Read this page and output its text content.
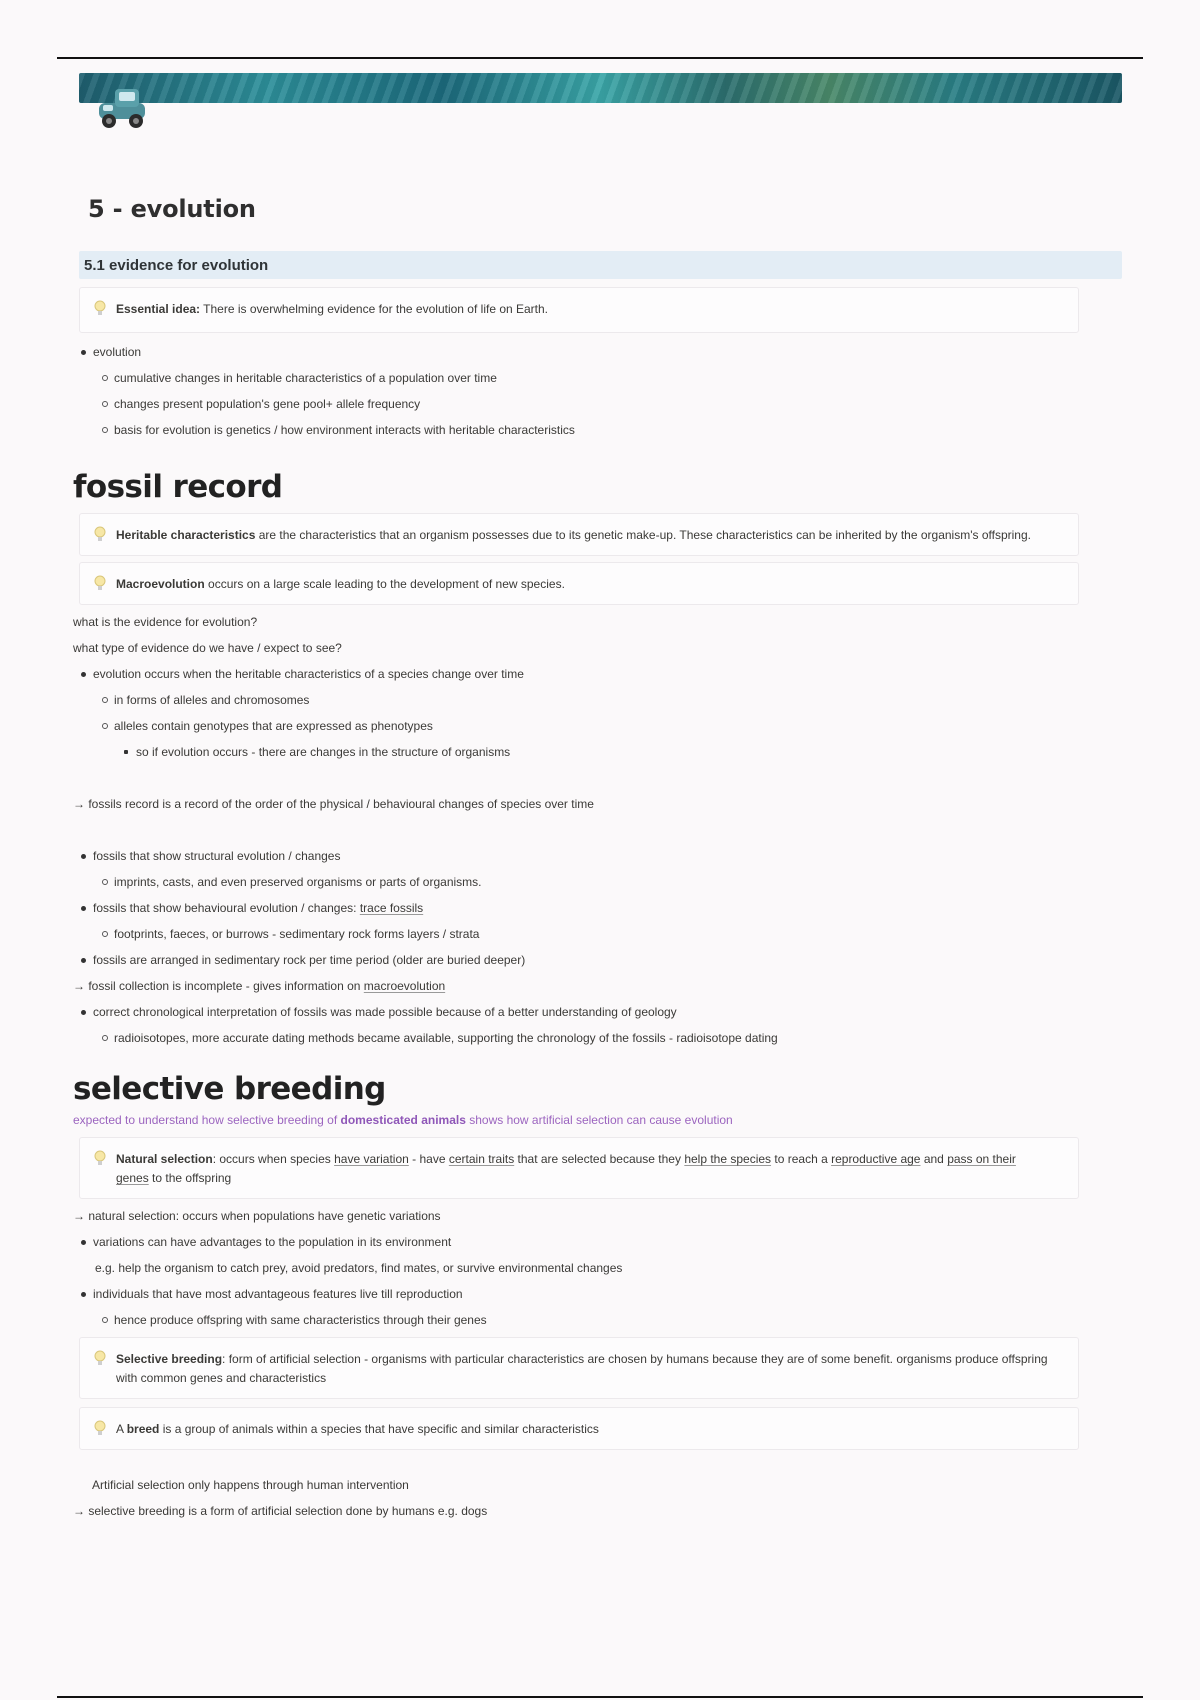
5 - evolution
5.1 evidence for evolution
Essential idea: There is overwhelming evidence for the evolution of life on Earth.
evolution
cumulative changes in heritable characteristics of a population over time
changes present population's gene pool+ allele frequency
basis for evolution is genetics / how environment interacts with heritable characteristics
fossil record
Heritable characteristics are the characteristics that an organism possesses due to its genetic make-up. These characteristics can be inherited by the organism's offspring.
Macroevolution occurs on a large scale leading to the development of new species.
what is the evidence for evolution?
what type of evidence do we have / expect to see?
evolution occurs when the heritable characteristics of a species change over time
in forms of alleles and chromosomes
alleles contain genotypes that are expressed as phenotypes
so if evolution occurs - there are changes in the structure of organisms
→ fossils record is a record of the order of the physical / behavioural changes of species over time
fossils that show structural evolution / changes
imprints, casts, and even preserved organisms or parts of organisms.
fossils that show behavioural evolution / changes: trace fossils
footprints, faeces, or burrows - sedimentary rock forms layers / strata
fossils are arranged in sedimentary rock per time period (older are buried deeper)
→ fossil collection is incomplete - gives information on macroevolution
correct chronological interpretation of fossils was made possible because of a better understanding of geology
radioisotopes, more accurate dating methods became available, supporting the chronology of the fossils - radioisotope dating
selective breeding
expected to understand how selective breeding of domesticated animals shows how artificial selection can cause evolution
Natural selection: occurs when species have variation - have certain traits that are selected because they help the species to reach a reproductive age and pass on their genes to the offspring
→ natural selection: occurs when populations have genetic variations
variations can have advantages to the population in its environment
e.g. help the organism to catch prey, avoid predators, find mates, or survive environmental changes
individuals that have most advantageous features live till reproduction
hence produce offspring with same characteristics through their genes
Selective breeding: form of artificial selection - organisms with particular characteristics are chosen by humans because they are of some benefit. organisms produce offspring with common genes and characteristics
A breed is a group of animals within a species that have specific and similar characteristics
Artificial selection only happens through human intervention
→ selective breeding is a form of artificial selection done by humans e.g. dogs
